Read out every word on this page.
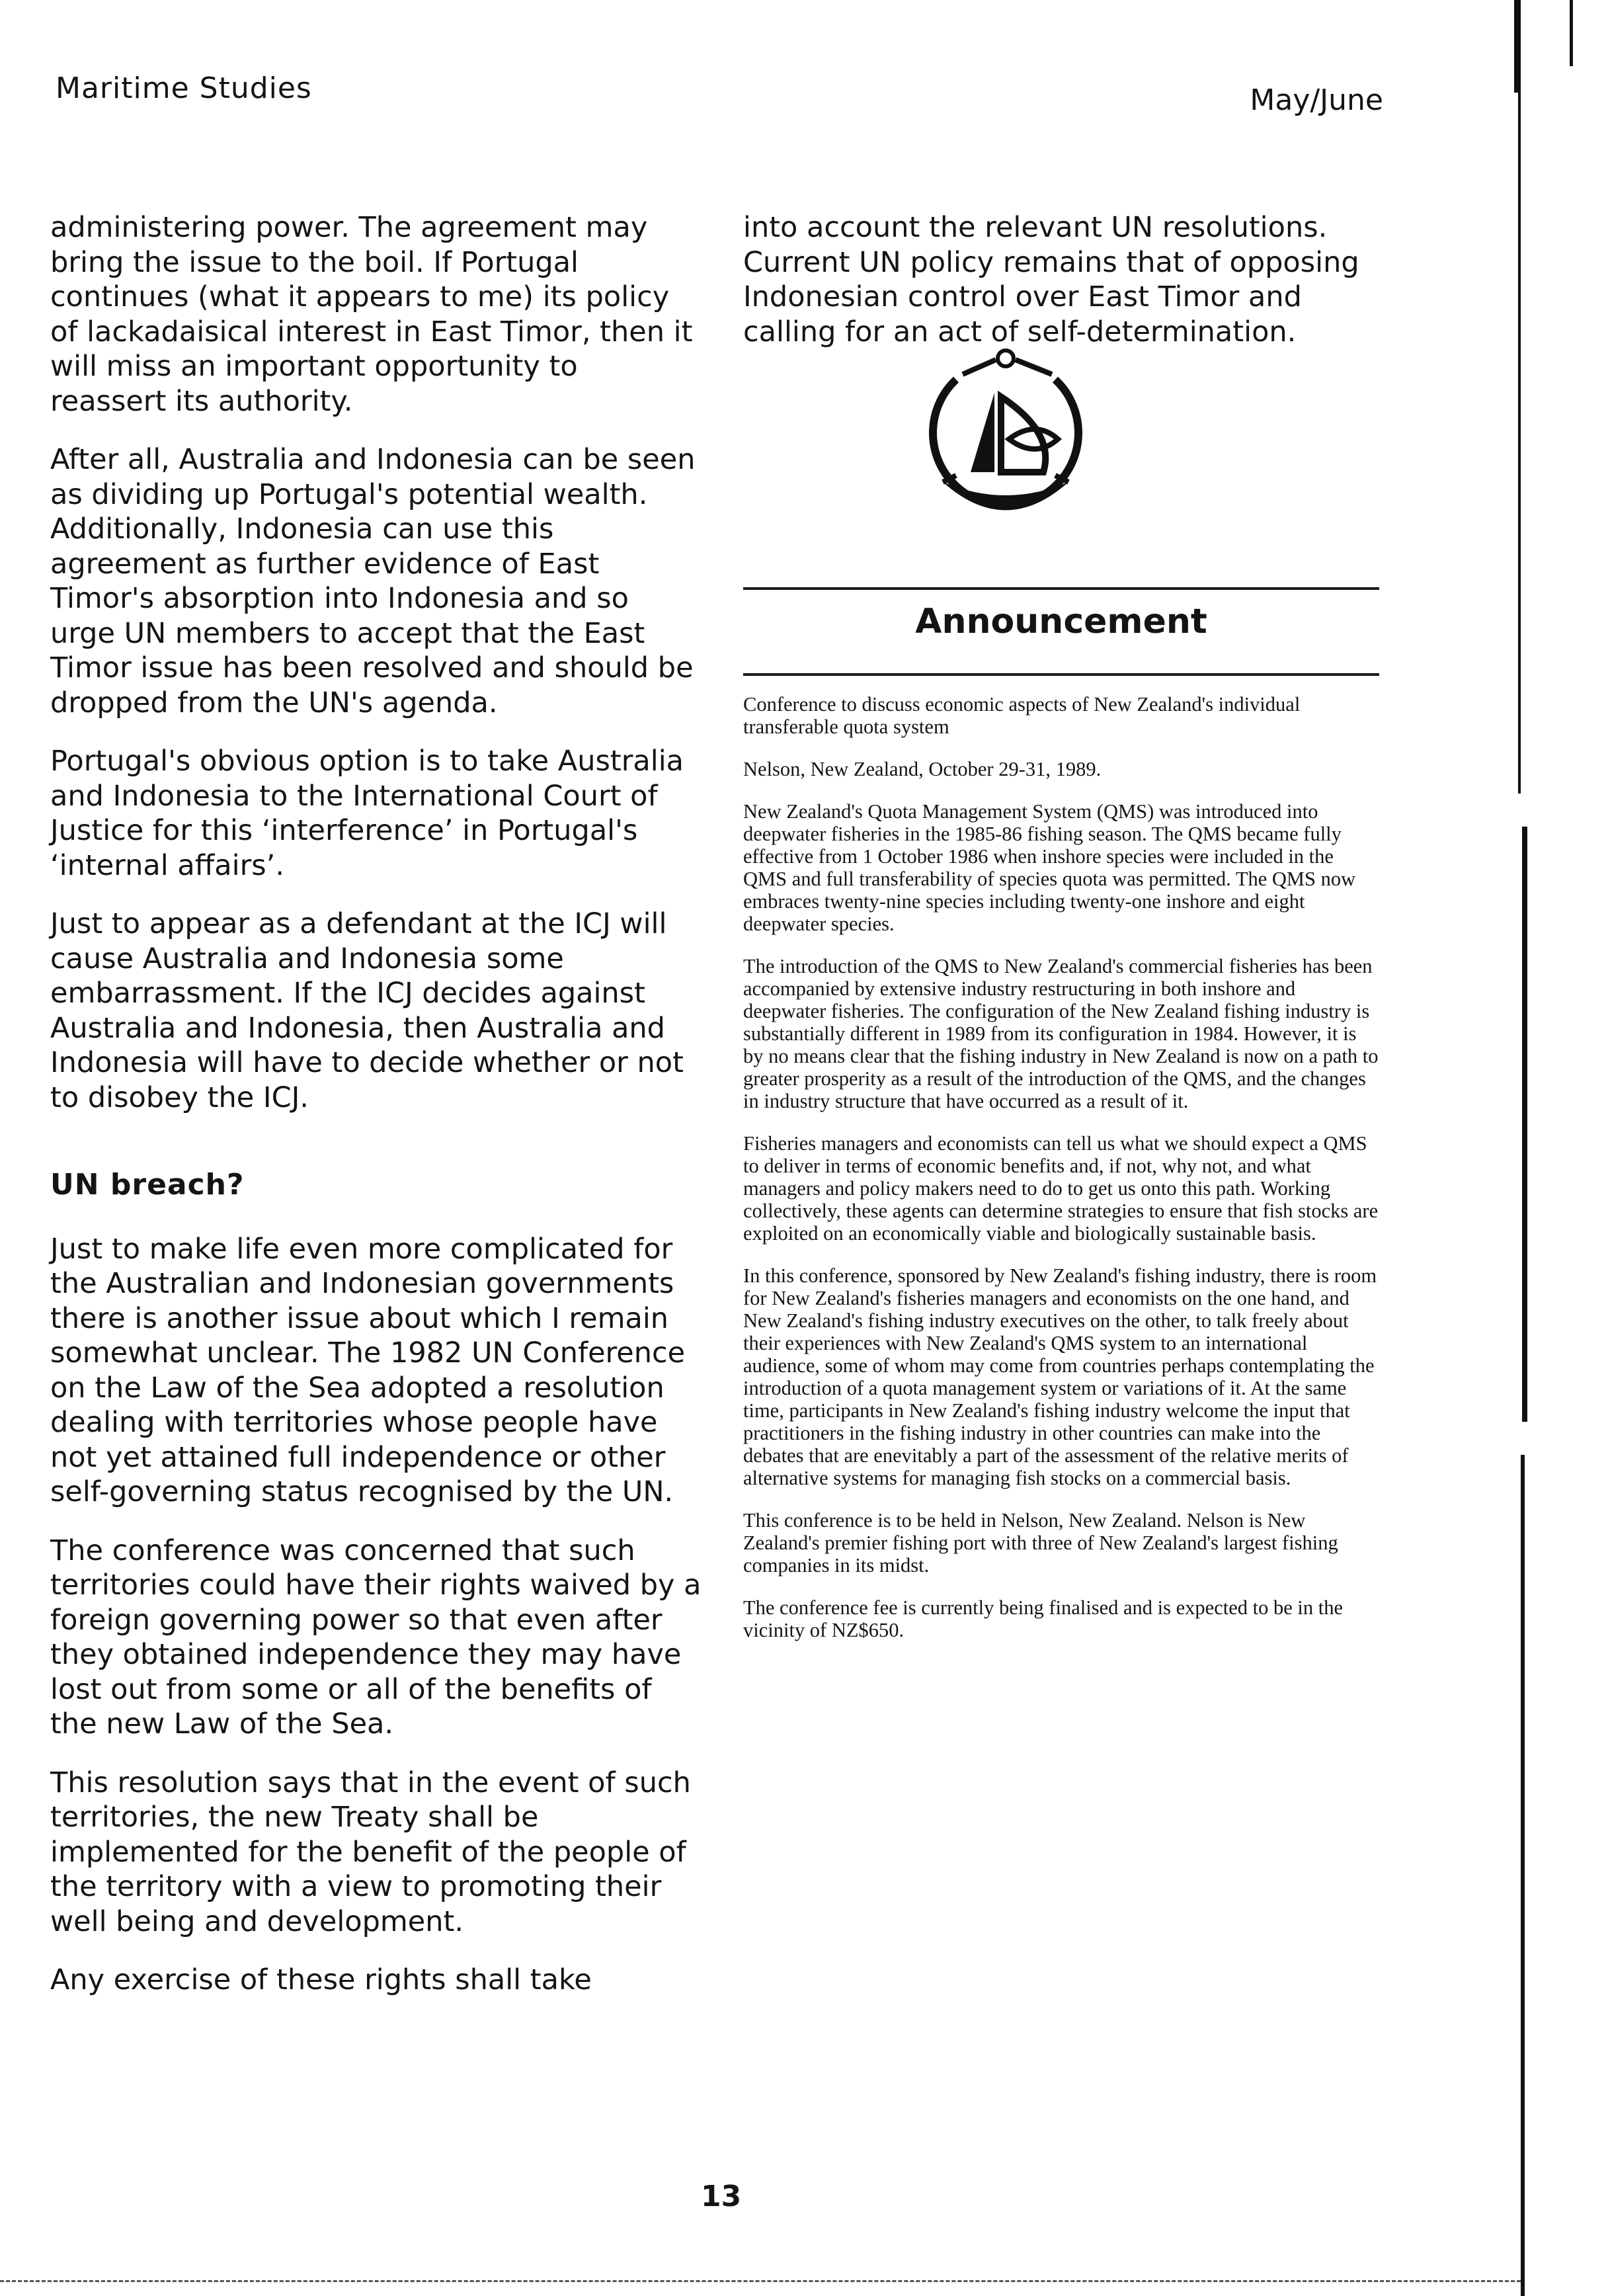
Maritime Studies	May/June

administering power. The agreement may bring the issue to the boil. If Portugal continues (what it appears to me) its policy of lackadaisical interest in East Timor, then it will miss an important opportunity to reassert its authority.

After all, Australia and Indonesia can be seen as dividing up Portugal's potential wealth. Additionally, Indonesia can use this agreement as further evidence of East Timor's absorption into Indonesia and so urge UN members to accept that the East Timor issue has been resolved and should be dropped from the UN's agenda.

Portugal's obvious option is to take Australia and Indonesia to the International Court of Justice for this ‘interference’ in Portugal's ‘internal affairs’.

Just to appear as a defendant at the ICJ will cause Australia and Indonesia some embarrassment. If the ICJ decides against Australia and Indonesia, then Australia and Indonesia will have to decide whether or not to disobey the ICJ.

UN breach?

Just to make life even more complicated for the Australian and Indonesian governments there is another issue about which I remain somewhat unclear. The 1982 UN Conference on the Law of the Sea adopted a resolution dealing with territories whose people have not yet attained full independence or other self-governing status recognised by the UN.

The conference was concerned that such territories could have their rights waived by a foreign governing power so that even after they obtained independence they may have lost out from some or all of the benefits of the new Law of the Sea.

This resolution says that in the event of such territories, the new Treaty shall be implemented for the benefit of the people of the territory with a view to promoting their well being and development.

Any exercise of these rights shall take

into account the relevant UN resolutions. Current UN policy remains that of opposing Indonesian control over East Timor and calling for an act of self-determination.

Announcement

Conference to discuss economic aspects of New Zealand's individual transferable quota system

Nelson, New Zealand, October 29-31, 1989.

New Zealand's Quota Management System (QMS) was introduced into deepwater fisheries in the 1985-86 fishing season. The QMS became fully effective from 1 October 1986 when inshore species were included in the QMS and full transferability of species quota was permitted. The QMS now embraces twenty-nine species including twenty-one inshore and eight deepwater species.

The introduction of the QMS to New Zealand's commercial fisheries has been accompanied by extensive industry restructuring in both inshore and deepwater fisheries. The configuration of the New Zealand fishing industry is substantially different in 1989 from its configuration in 1984. However, it is by no means clear that the fishing industry in New Zealand is now on a path to greater prosperity as a result of the introduction of the QMS, and the changes in industry structure that have occurred as a result of it.

Fisheries managers and economists can tell us what we should expect a QMS to deliver in terms of economic benefits and, if not, why not, and what managers and policy makers need to do to get us onto this path. Working collectively, these agents can determine strategies to ensure that fish stocks are exploited on an economically viable and biologically sustainable basis.

In this conference, sponsored by New Zealand's fishing industry, there is room for New Zealand's fisheries managers and economists on the one hand, and New Zealand's fishing industry executives on the other, to talk freely about their experiences with New Zealand's QMS system to an international audience, some of whom may come from countries perhaps contemplating the introduction of a quota management system or variations of it. At the same time, participants in New Zealand's fishing industry welcome the input that practitioners in the fishing industry in other countries can make into the debates that are enevitably a part of the assessment of the relative merits of alternative systems for managing fish stocks on a commercial basis.

This conference is to be held in Nelson, New Zealand. Nelson is New Zealand's premier fishing port with three of New Zealand's largest fishing companies in its midst.

The conference fee is currently being finalised and is expected to be in the vicinity of NZ$650.

13
